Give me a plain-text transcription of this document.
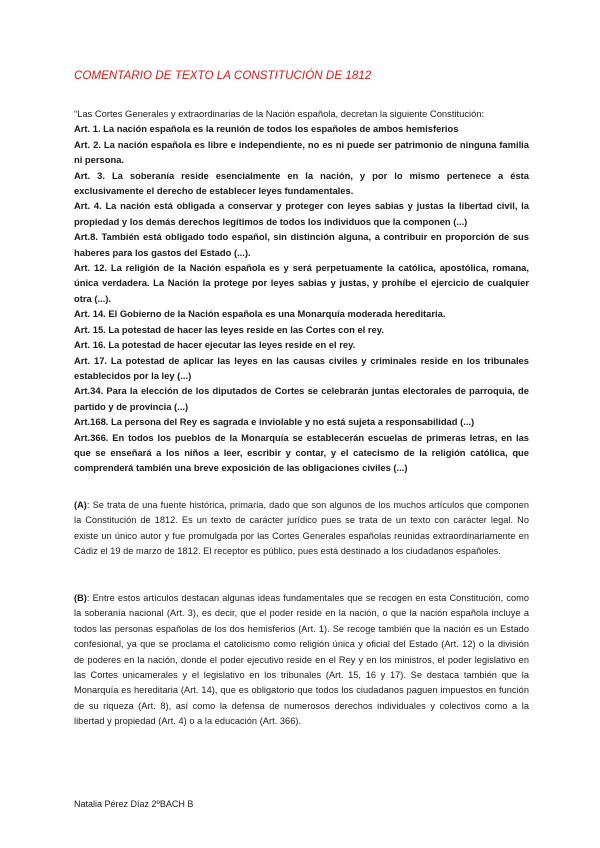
COMENTARIO DE TEXTO LA CONSTITUCIÓN DE 1812

“Las Cortes Generales y extraordinarias de la Nación española, decretan la siguiente Constitución:

Art. 1. La nación española es la reunión de todos los españoles de ambos hemisferios

Art. 2. La nación española es libre e independiente, no es ni puede ser patrimonio de ninguna familia ni persona.

Art. 3. La soberanía reside esencialmente en la nación, y por lo mismo pertenece a ésta exclusivamente el derecho de establecer leyes fundamentales.

Art. 4. La nación está obligada a conservar y proteger con leyes sabias y justas la libertad civil, la propiedad y los demás derechos legítimos de todos los individuos que la componen (...)

Art.8. También está obligado todo español, sin distinción alguna, a contribuir en proporción de sus haberes para los gastos del Estado (...).

Art. 12. La religión de la Nación española es y será perpetuamente la católica, apostólica, romana, única verdadera. La Nación la protege por leyes sabias y justas, y prohíbe el ejercicio de cualquier otra (...).

Art. 14. El Gobierno de la Nación española es una Monarquía moderada hereditaria.

Art. 15. La potestad de hacer las leyes reside en las Cortes con el rey.

Art. 16. La potestad de hacer ejecutar las leyes reside en el rey.

Art. 17. La potestad de aplicar las leyes en las causas civiles y criminales reside en los tribunales establecidos por la ley (...)

Art.34. Para la elección de los diputados de Cortes se celebrarán juntas electorales de parroquia, de partido y de provincia (...)

Art.168. La persona del Rey es sagrada e inviolable y no está sujeta a responsabilidad (...)

Art.366. En todos los pueblos de la Monarquía se establecerán escuelas de primeras letras, en las que se enseñará a los niños a leer, escribir y contar, y el catecismo de la religión católica, que comprenderá también una breve exposición de las obligaciones civiles (...)

(A): Se trata de una fuente histórica, primaria, dado que son algunos de los muchos artículos que componen la Constitución de 1812. Es un texto de carácter jurídico pues se trata de un texto con carácter legal. No existe un único autor y fue promulgada por las Cortes Generales españolas reunidas extraordinariamente en Cádiz el 19 de marzo de 1812. El receptor es público, pues está destinado a los ciudadanos españoles.

(B): Entre estos artículos destacan algunas ideas fundamentales que se recogen en esta Constitución, como la soberanía nacional (Art. 3), es decir, que el poder reside en la nación, o que la nación española incluye a todos las personas españolas de los dos hemisferios (Art. 1). Se recoge también que la nación es un Estado confesional, ya que se proclama el catolicismo como religión única y oficial del Estado (Art. 12) o la división de poderes en la nación, donde el poder ejecutivo reside en el Rey y en los ministros, el poder legislativo en las Cortes unicamerales y el legislativo en los tribunales (Art. 15, 16 y 17). Se destaca también que la Monarquía es hereditaria (Art. 14), que es obligatorio que todos los ciudadanos paguen impuestos en función de su riqueza (Art. 8), así como la defensa de numerosos derechos individuales y colectivos como a la libertad y propiedad (Art. 4) o a la educación (Art. 366).

Natalia Pérez Díaz 2ºBACH B
